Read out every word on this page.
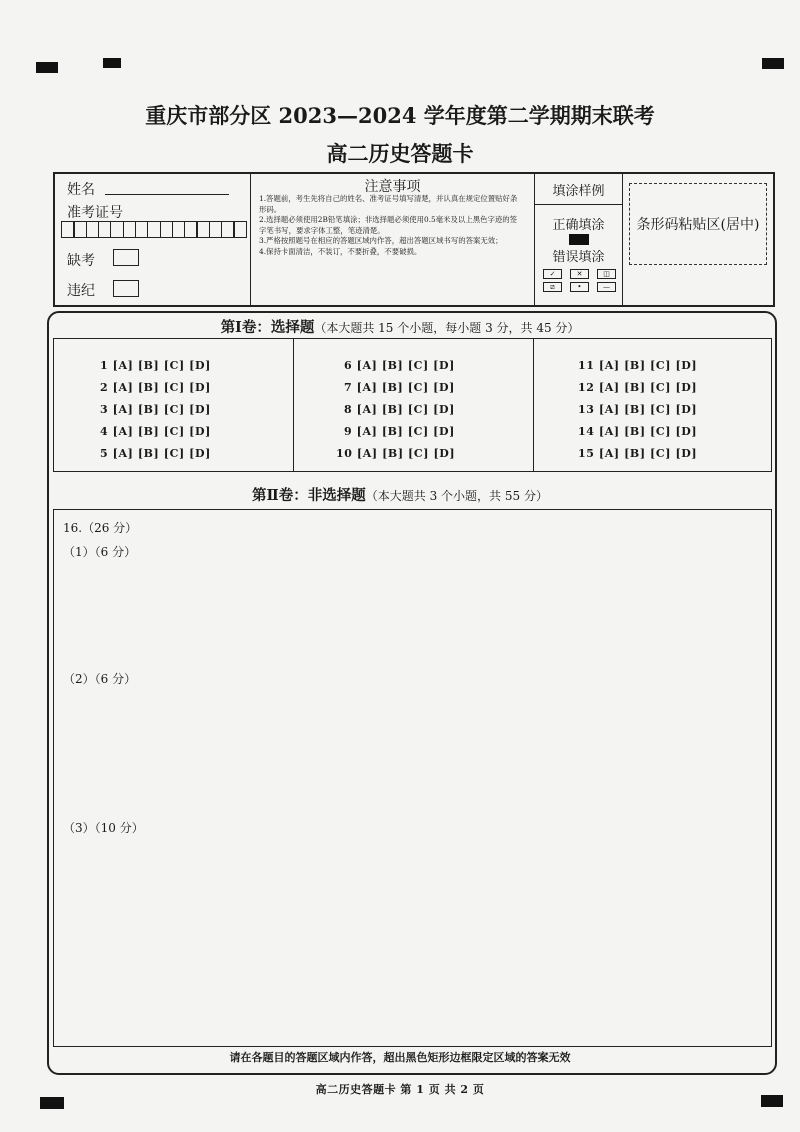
重庆市部分区 2023—2024 学年度第二学期期末联考
高二历史答题卡
姓名
准考证号
缺考
违纪
注意事项
1.答题前，考生先将自己的姓名、准考证号填写清楚，并认真在规定位置贴好条形码。
2.选择题必须使用2B铅笔填涂；非选择题必须使用0.5毫米及以上黑色字迹的签字笔书写，要求字体工整，笔迹清楚。
3.严格按照题号在相应的答题区域内作答，超出答题区域书写的答案无效；
4.保持卡面清洁，不装订，不要折叠，不要破损。
填涂样例
正确填涂
错误填涂
✓	✕	◫
⧄	•	—
条形码粘贴区(居中)
第Ⅰ卷：选择题（本大题共 15 个小题，每小题 3 分，共 45 分）
1 [A] [B] [C] [D]
2 [A] [B] [C] [D]
3 [A] [B] [C] [D]
4 [A] [B] [C] [D]
5 [A] [B] [C] [D]
6 [A] [B] [C] [D]
7 [A] [B] [C] [D]
8 [A] [B] [C] [D]
9 [A] [B] [C] [D]
10 [A] [B] [C] [D]
11 [A] [B] [C] [D]
12 [A] [B] [C] [D]
13 [A] [B] [C] [D]
14 [A] [B] [C] [D]
15 [A] [B] [C] [D]
第Ⅱ卷：非选择题（本大题共 3 个小题，共 55 分）
16.（26 分）
（1）（6 分）
（2）（6 分）
（3）（10 分）
请在各题目的答题区域内作答，超出黑色矩形边框限定区域的答案无效
高二历史答题卡 第 1 页 共 2 页
